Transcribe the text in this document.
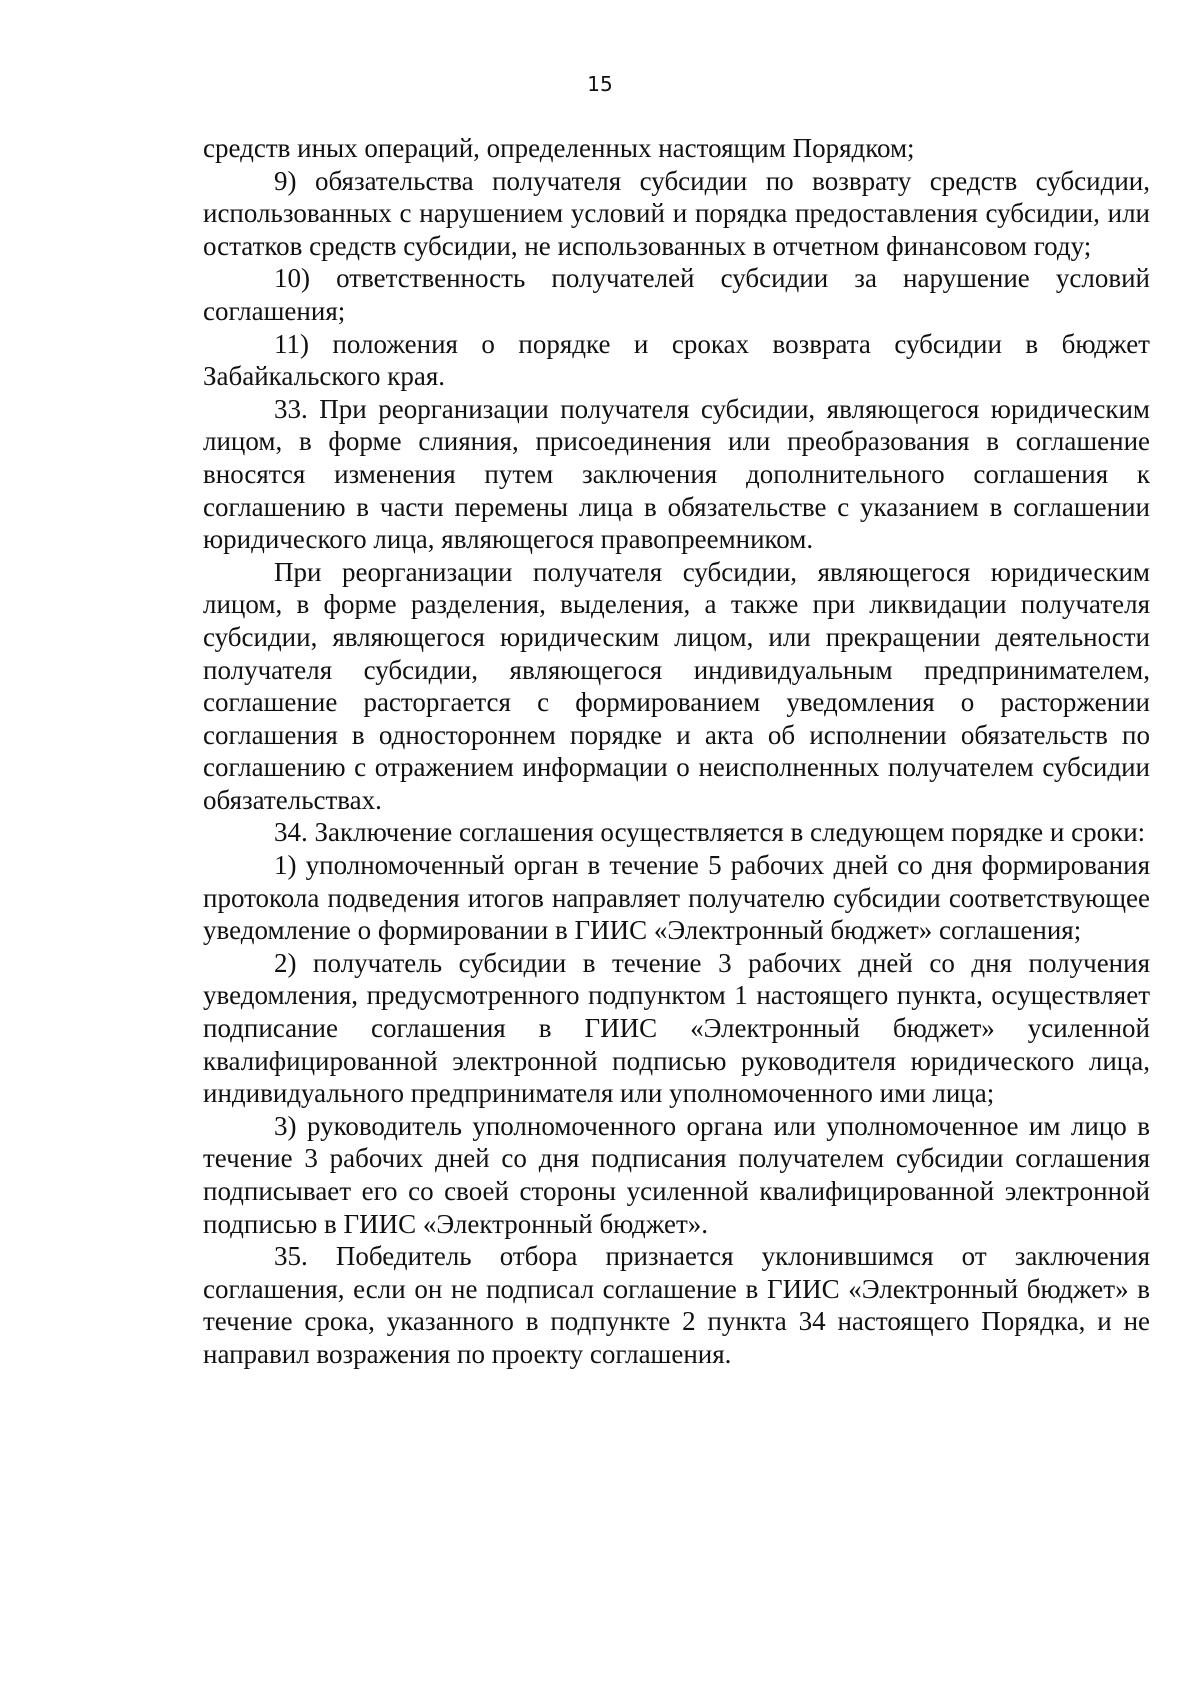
15

средств иных операций, определенных настоящим Порядком;

9) обязательства получателя субсидии по возврату средств субсидии, использованных с нарушением условий и порядка предоставления субсидии, или остатков средств субсидии, не использованных в отчетном финансовом году;

10) ответственность получателей субсидии за нарушение условий соглашения;

11) положения о порядке и сроках возврата субсидии в бюджет Забайкальского края.

33. При реорганизации получателя субсидии, являющегося юридическим лицом, в форме слияния, присоединения или преобразования в соглашение вносятся изменения путем заключения дополнительного соглашения к соглашению в части перемены лица в обязательстве с указанием в соглашении юридического лица, являющегося правопреемником.

При реорганизации получателя субсидии, являющегося юридическим лицом, в форме разделения, выделения, а также при ликвидации получателя субсидии, являющегося юридическим лицом, или прекращении деятельности получателя субсидии, являющегося индивидуальным предпринимателем, соглашение расторгается с формированием уведомления о расторжении соглашения в одностороннем порядке и акта об исполнении обязательств по соглашению с отражением информации о неисполненных получателем субсидии обязательствах.

34. Заключение соглашения осуществляется в следующем порядке и сроки:

1) уполномоченный орган в течение 5 рабочих дней со дня формирования протокола подведения итогов направляет получателю субсидии соответствующее уведомление о формировании в ГИИС «Электронный бюджет» соглашения;

2) получатель субсидии в течение 3 рабочих дней со дня получения уведомления, предусмотренного подпунктом 1 настоящего пункта, осуществляет подписание соглашения в ГИИС «Электронный бюджет» усиленной квалифицированной электронной подписью руководителя юридического лица, индивидуального предпринимателя или уполномоченного ими лица;

3) руководитель уполномоченного органа или уполномоченное им лицо в течение 3 рабочих дней со дня подписания получателем субсидии соглашения подписывает его со своей стороны усиленной квалифицированной электронной подписью в ГИИС «Электронный бюджет».

35. Победитель отбора признается уклонившимся от заключения соглашения, если он не подписал соглашение в ГИИС «Электронный бюджет» в течение срока, указанного в подпункте 2 пункта 34 настоящего Порядка, и не направил возражения по проекту соглашения.
